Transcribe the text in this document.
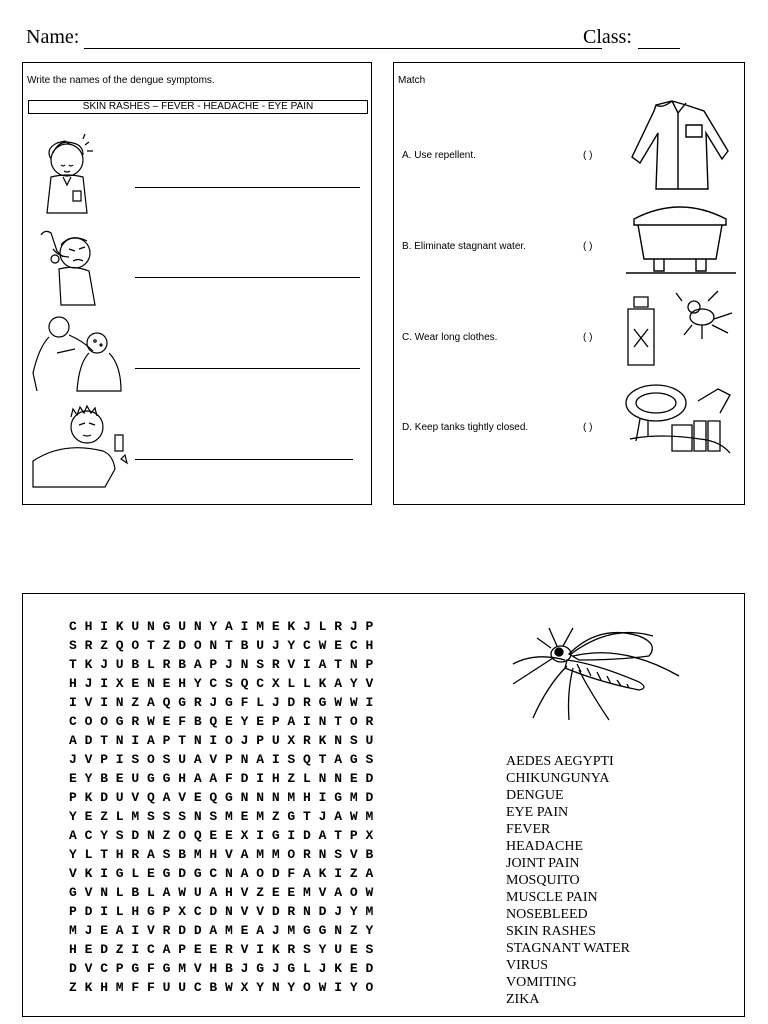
Name:	Class:
Write the names of the dengue symptoms.
SKIN RASHES – FEVER - HEADACHE - EYE PAIN
Match
A. Use repellent.	( )
B. Eliminate stagnant water.	( )
C. Wear long clothes.	( )
D. Keep tanks tightly closed.	( )
C H I K U N G U N Y A I M E K J L R J P
S R Z Q O T Z D O N T B U J Y C W E C H
T K J U B L R B A P J N S R V I A T N P
H J I X E N E H Y C S Q C X L L K A Y V
I V I N Z A Q G R J G F L J D R G W W I
C O O G R W E F B Q E Y E P A I N T O R
A D T N I A P T N I O J P U X R K N S U
J V P I S O S U A V P N A I S Q T A G S
E Y B E U G G H A A F D I H Z L N N E D
P K D U V Q A V E Q G N N N M H I G M D
Y E Z L M S S S N S M E M Z G T J A W M
A C Y S D N Z O Q E E X I G I D A T P X
Y L T H R A S B M H V A M M O R N S V B
V K I G L E G D G C N A O D F A K I Z A
G V N L B L A W U A H V Z E E M V A O W
P D I L H G P X C D N V V D R N D J Y M
M J E A I V R D D A M E A J M G G N Z Y
H E D Z I C A P E E R V I K R S Y U E S
D V C P G F G M V H B J G J G L J K E D
Z K H M F F U U C B W X Y N Y O W I Y O
AEDES AEGYPTI
CHIKUNGUNYA
DENGUE
EYE PAIN
FEVER
HEADACHE
JOINT PAIN
MOSQUITO
MUSCLE PAIN
NOSEBLEED
SKIN RASHES
STAGNANT WATER
VIRUS
VOMITING
ZIKA
